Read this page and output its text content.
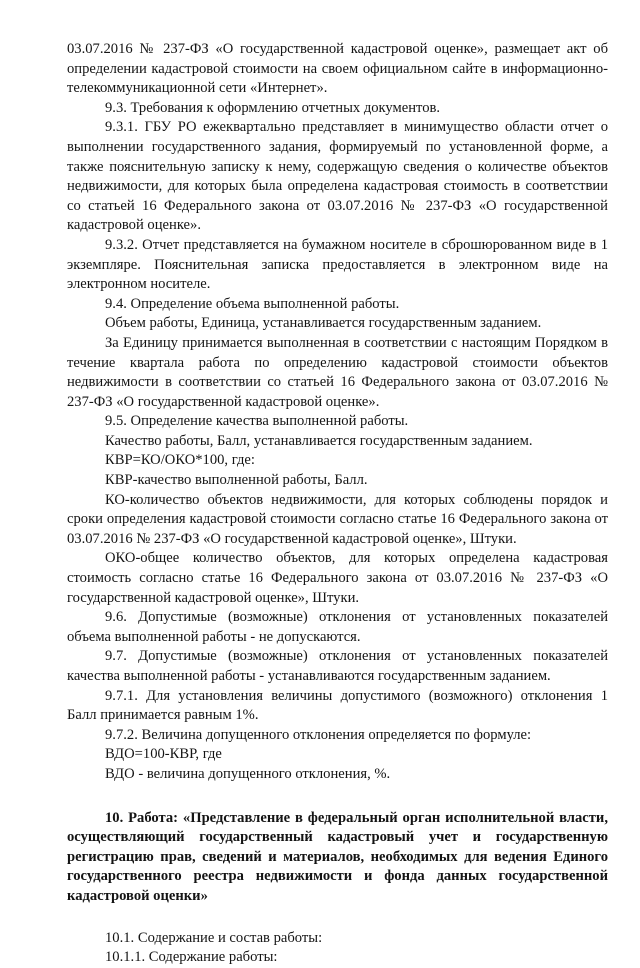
03.07.2016 № 237-ФЗ «О государственной кадастровой оценке», размещает акт об определении кадастровой стоимости на своем официальном сайте в информационно-телекоммуникационной сети «Интернет».

9.3. Требования к оформлению отчетных документов.

9.3.1. ГБУ РО ежеквартально представляет в минимущество области отчет о выполнении государственного задания, формируемый по установленной форме, а также пояснительную записку к нему, содержащую сведения о количестве объектов недвижимости, для которых была определена кадастровая стоимость в соответствии со статьей 16 Федерального закона от 03.07.2016 № 237-ФЗ «О государственной кадастровой оценке».

9.3.2. Отчет представляется на бумажном носителе в сброшюрованном виде в 1 экземпляре. Пояснительная записка предоставляется в электронном виде на электронном носителе.

9.4. Определение объема выполненной работы.

Объем работы, Единица, устанавливается государственным заданием.

За Единицу принимается выполненная в соответствии с настоящим Порядком в течение квартала работа по определению кадастровой стоимости объектов недвижимости в соответствии со статьей 16 Федерального закона от 03.07.2016 № 237-ФЗ «О государственной кадастровой оценке».

9.5. Определение качества выполненной работы.

Качество работы, Балл, устанавливается государственным заданием.

КВР=КО/ОКО*100, где:

КВР-качество выполненной работы, Балл.

КО-количество объектов недвижимости, для которых соблюдены порядок и сроки определения кадастровой стоимости согласно статье 16 Федерального закона от 03.07.2016 № 237-ФЗ «О государственной кадастровой оценке», Штуки.

ОКО-общее количество объектов, для которых определена кадастровая стоимость согласно статье 16 Федерального закона от 03.07.2016 № 237-ФЗ «О государственной кадастровой оценке», Штуки.

9.6. Допустимые (возможные) отклонения от установленных показателей объема выполненной работы - не допускаются.

9.7. Допустимые (возможные) отклонения от установленных показателей качества выполненной работы - устанавливаются государственным заданием.

9.7.1. Для установления величины допустимого (возможного) отклонения 1 Балл принимается равным 1%.

9.7.2. Величина допущенного отклонения определяется по формуле:

ВДО=100-КВР, где

ВДО - величина допущенного отклонения, %.

10. Работа: «Представление в федеральный орган исполнительной власти, осуществляющий государственный кадастровый учет и государственную регистрацию прав, сведений и материалов, необходимых для ведения Единого государственного реестра недвижимости и фонда данных государственной кадастровой оценки»

10.1. Содержание и состав работы:

10.1.1. Содержание работы:
